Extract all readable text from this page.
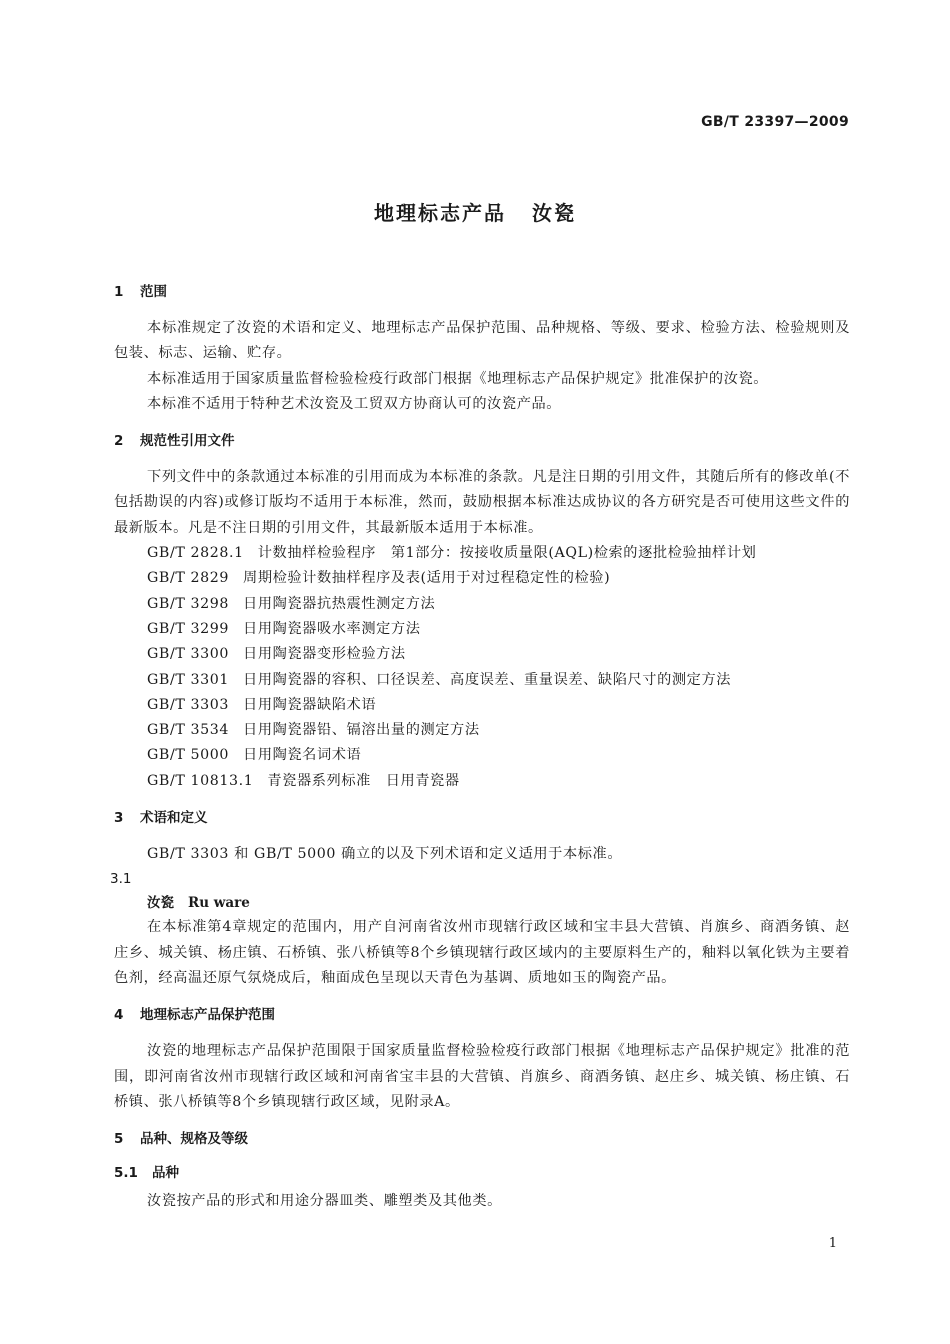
GB/T 23397—2009
地理标志产品 汝瓷
1 范围

本标准规定了汝瓷的术语和定义、地理标志产品保护范围、品种规格、等级、要求、检验方法、检验规则及包装、标志、运输、贮存。

本标准适用于国家质量监督检验检疫行政部门根据《地理标志产品保护规定》批准保护的汝瓷。

本标准不适用于特种艺术汝瓷及工贸双方协商认可的汝瓷产品。

2 规范性引用文件

下列文件中的条款通过本标准的引用而成为本标准的条款。凡是注日期的引用文件，其随后所有的修改单(不包括勘误的内容)或修订版均不适用于本标准，然而，鼓励根据本标准达成协议的各方研究是否可使用这些文件的最新版本。凡是不注日期的引用文件，其最新版本适用于本标准。

GB/T 2828.1 计数抽样检验程序　第1部分：按接收质量限(AQL)检索的逐批检验抽样计划
GB/T 2829 周期检验计数抽样程序及表(适用于对过程稳定性的检验)
GB/T 3298 日用陶瓷器抗热震性测定方法
GB/T 3299 日用陶瓷器吸水率测定方法
GB/T 3300 日用陶瓷器变形检验方法
GB/T 3301 日用陶瓷器的容积、口径误差、高度误差、重量误差、缺陷尺寸的测定方法
GB/T 3303 日用陶瓷器缺陷术语
GB/T 3534 日用陶瓷器铅、镉溶出量的测定方法
GB/T 5000 日用陶瓷名词术语
GB/T 10813.1 青瓷器系列标准　日用青瓷器
3 术语和定义

GB/T 3303 和 GB/T 5000 确立的以及下列术语和定义适用于本标准。

3.1
汝瓷 Ru ware

在本标准第4章规定的范围内，用产自河南省汝州市现辖行政区域和宝丰县大营镇、肖旗乡、商酒务镇、赵庄乡、城关镇、杨庄镇、石桥镇、张八桥镇等8个乡镇现辖行政区域内的主要原料生产的，釉料以氧化铁为主要着色剂，经高温还原气氛烧成后，釉面成色呈现以天青色为基调、质地如玉的陶瓷产品。

4 地理标志产品保护范围

汝瓷的地理标志产品保护范围限于国家质量监督检验检疫行政部门根据《地理标志产品保护规定》批准的范围，即河南省汝州市现辖行政区域和河南省宝丰县的大营镇、肖旗乡、商酒务镇、赵庄乡、城关镇、杨庄镇、石桥镇、张八桥镇等8个乡镇现辖行政区域，见附录A。

5 品种、规格及等级
5.1 品种

汝瓷按产品的形式和用途分器皿类、雕塑类及其他类。

1
